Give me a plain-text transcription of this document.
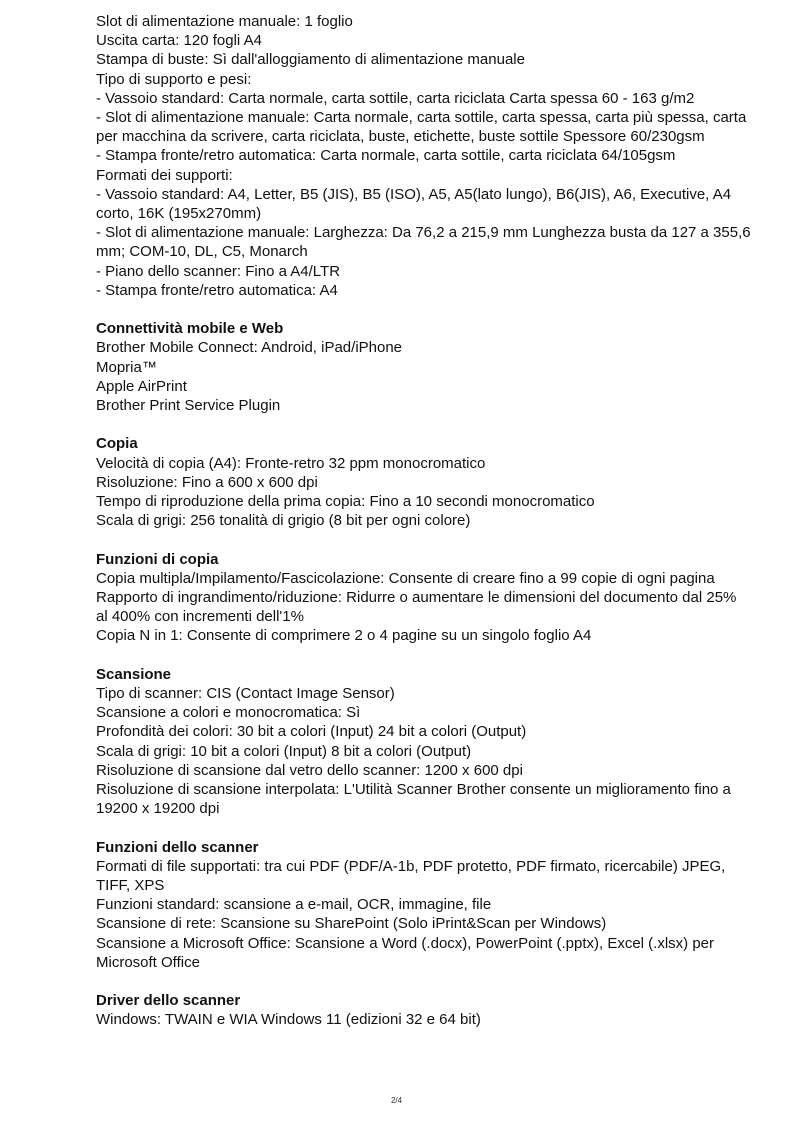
Slot di alimentazione manuale: 1 foglio

Uscita carta: 120 fogli A4

Stampa di buste: Sì dall'alloggiamento di alimentazione manuale

Tipo di supporto e pesi:

- Vassoio standard: Carta normale, carta sottile, carta riciclata Carta spessa 60 - 163 g/m2

- Slot di alimentazione manuale: Carta normale, carta sottile, carta spessa, carta più spessa, carta per macchina da scrivere, carta riciclata, buste, etichette, buste sottile Spessore 60/230gsm

- Stampa fronte/retro automatica: Carta normale, carta sottile, carta riciclata 64/105gsm

Formati dei supporti:

- Vassoio standard: A4, Letter, B5 (JIS), B5 (ISO), A5, A5(lato lungo), B6(JIS), A6, Executive, A4 corto, 16K (195x270mm)

- Slot di alimentazione manuale: Larghezza: Da 76,2 a 215,9 mm Lunghezza busta da 127 a 355,6 mm; COM-10, DL, C5, Monarch

- Piano dello scanner: Fino a A4/LTR

- Stampa fronte/retro automatica: A4

Connettività mobile e Web

Brother Mobile Connect: Android, iPad/iPhone

Mopria™

Apple AirPrint

Brother Print Service Plugin

Copia

Velocità di copia (A4): Fronte-retro 32 ppm monocromatico

Risoluzione: Fino a 600 x 600 dpi

Tempo di riproduzione della prima copia: Fino a 10 secondi monocromatico

Scala di grigi: 256 tonalità di grigio (8 bit per ogni colore)

Funzioni di copia

Copia multipla/Impilamento/Fascicolazione: Consente di creare fino a 99 copie di ogni pagina

Rapporto di ingrandimento/riduzione: Ridurre o aumentare le dimensioni del documento dal 25% al 400% con incrementi dell'1%

Copia N in 1: Consente di comprimere 2 o 4 pagine su un singolo foglio A4

Scansione

Tipo di scanner: CIS (Contact Image Sensor)

Scansione a colori e monocromatica: Sì

Profondità dei colori: 30 bit a colori (Input) 24 bit a colori (Output)

Scala di grigi: 10 bit a colori (Input) 8 bit a colori (Output)

Risoluzione di scansione dal vetro dello scanner: 1200 x 600 dpi

Risoluzione di scansione interpolata: L'Utilità Scanner Brother consente un miglioramento fino a 19200 x 19200 dpi

Funzioni dello scanner

Formati di file supportati: tra cui PDF (PDF/A-1b, PDF protetto, PDF firmato, ricercabile) JPEG, TIFF, XPS

Funzioni standard: scansione a e-mail, OCR, immagine, file

Scansione di rete: Scansione su SharePoint (Solo iPrint&Scan per Windows)

Scansione a Microsoft Office: Scansione a Word (.docx), PowerPoint (.pptx), Excel (.xlsx) per Microsoft Office

Driver dello scanner

Windows: TWAIN e WIA Windows 11 (edizioni 32 e 64 bit)

2/4
